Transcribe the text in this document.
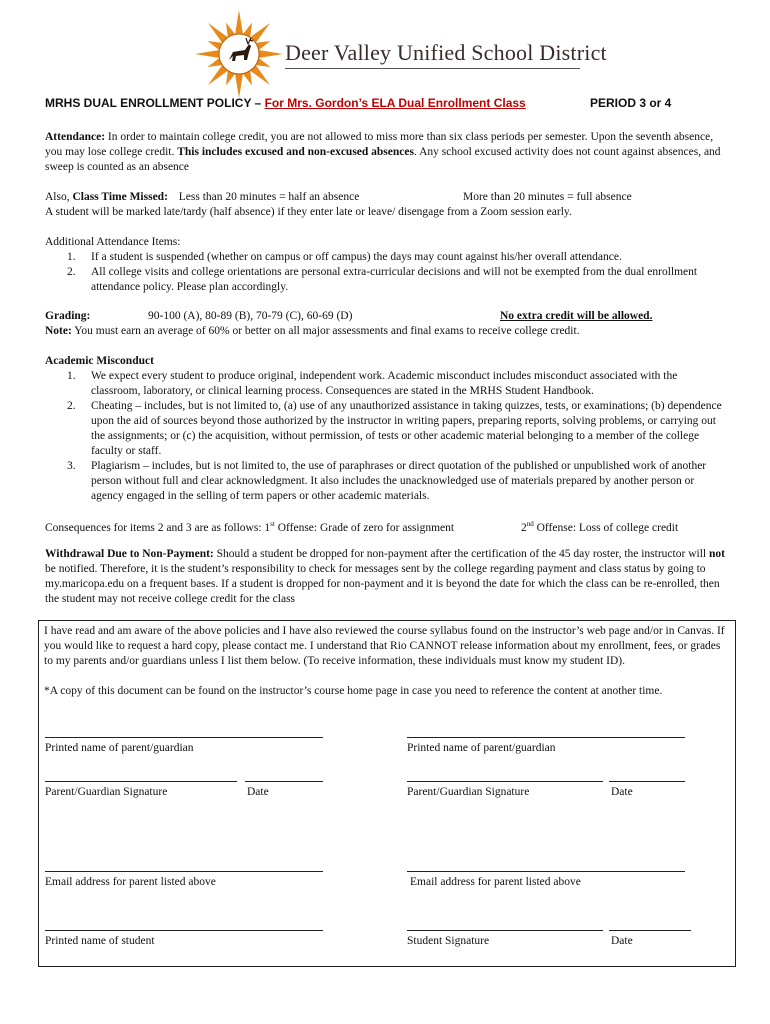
Deer Valley Unified School District
MRHS DUAL ENROLLMENT POLICY – For Mrs. Gordon’s ELA Dual Enrollment Class	PERIOD 3 or 4
Attendance: In order to maintain college credit, you are not allowed to miss more than six class periods per semester. Upon the seventh absence, you may lose college credit. This includes excused and non-excused absences. Any school excused activity does not count against absences, and sweep is counted as an absence
Also, Class Time Missed: Less than 20 minutes = half an absence	More than 20 minutes = full absence
A student will be marked late/tardy (half absence) if they enter late or leave/ disengage from a Zoom session early.
Additional Attendance Items:
1. If a student is suspended (whether on campus or off campus) the days may count against his/her overall attendance.
2. All college visits and college orientations are personal extra-curricular decisions and will not be exempted from the dual enrollment attendance policy. Please plan accordingly.
Grading:	90-100 (A), 80-89 (B), 70-79 (C), 60-69 (D)	No extra credit will be allowed.
Note: You must earn an average of 60% or better on all major assessments and final exams to receive college credit.
Academic Misconduct
1. We expect every student to produce original, independent work. Academic misconduct includes misconduct associated with the classroom, laboratory, or clinical learning process. Consequences are stated in the MRHS Student Handbook.
2. Cheating – includes, but is not limited to, (a) use of any unauthorized assistance in taking quizzes, tests, or examinations; (b) dependence upon the aid of sources beyond those authorized by the instructor in writing papers, preparing reports, solving problems, or carrying out the assignments; or (c) the acquisition, without permission, of tests or other academic material belonging to a member of the college faculty or staff.
3. Plagiarism – includes, but is not limited to, the use of paraphrases or direct quotation of the published or unpublished work of another person without full and clear acknowledgment. It also includes the unacknowledged use of materials prepared by another person or agency engaged in the selling of term papers or other academic materials.
Consequences for items 2 and 3 are as follows: 1st Offense: Grade of zero for assignment	2nd Offense: Loss of college credit
Withdrawal Due to Non-Payment: Should a student be dropped for non-payment after the certification of the 45 day roster, the instructor will not be notified. Therefore, it is the student’s responsibility to check for messages sent by the college regarding payment and class status by going to my.maricopa.edu on a frequent bases. If a student is dropped for non-payment and it is beyond the date for which the class can be re-enrolled, then the student may not receive college credit for the class
I have read and am aware of the above policies and I have also reviewed the course syllabus found on the instructor’s web page and/or in Canvas. If you would like to request a hard copy, please contact me. I understand that Rio CANNOT release information about my enrollment, fees, or grades to my parents and/or guardians unless I list them below. (To receive information, these individuals must know my student ID).
*A copy of this document can be found on the instructor’s course home page in case you need to reference the content at another time.
Printed name of parent/guardian	Printed name of parent/guardian
Parent/Guardian Signature	Date	Parent/Guardian Signature	Date
Email address for parent listed above	Email address for parent listed above
Printed name of student	Student Signature	Date
